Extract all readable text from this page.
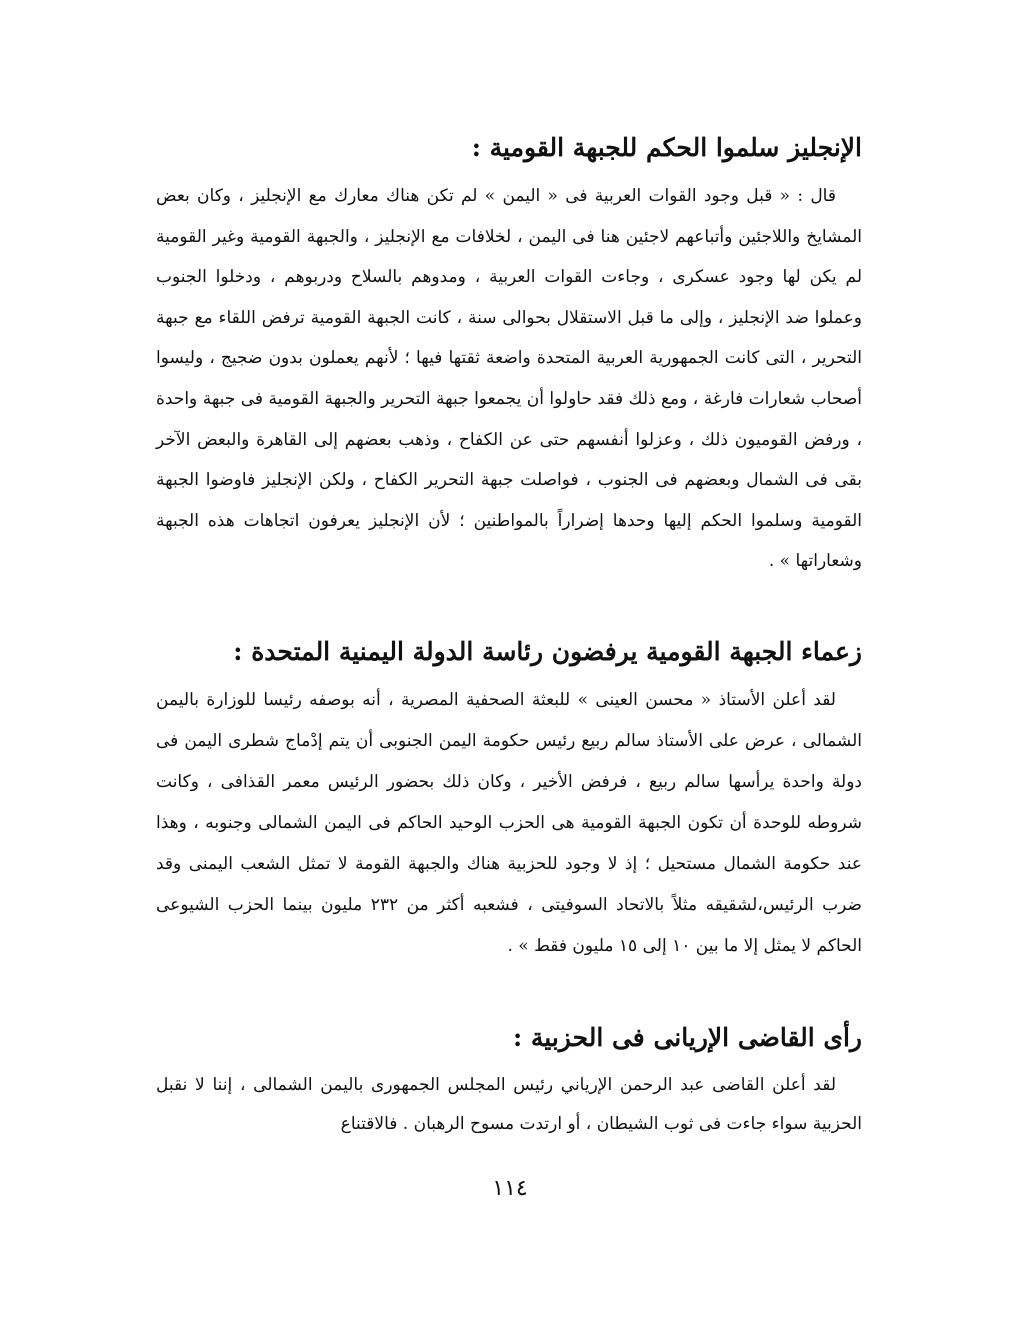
الإنجليز سلموا الحكم للجبهة القومية :

قال : « قبل وجود القوات العربية فى « اليمن » لم تكن هناك معارك مع الإنجليز ، وكان بعض المشايخ واللاجئين وأتباعهم لاجئين هنا فى اليمن ، لخلافات مع الإنجليز ، والجبهة القومية وغير القومية لم يكن لها وجود عسكرى ، وجاءت القوات العربية ، ومدوهم بالسلاح ودربوهم ، ودخلوا الجنوب وعملوا ضد الإنجليز ، وإلى ما قبل الاستقلال بحوالى سنة ، كانت الجبهة القومية ترفض اللقاء مع جبهة التحرير ، التى كانت الجمهورية العربية المتحدة واضعة ثقتها فيها ؛ لأنهم يعملون بدون ضجيج ، وليسوا أصحاب شعارات فارغة ، ومع ذلك فقد حاولوا أن يجمعوا جبهة التحرير والجبهة القومية فى جبهة واحدة ، ورفض القوميون ذلك ، وعزلوا أنفسهم حتى عن الكفاح ، وذهب بعضهم إلى القاهرة والبعض الآخر بقى فى الشمال وبعضهم فى الجنوب ، فواصلت جبهة التحرير الكفاح ، ولكن الإنجليز فاوضوا الجبهة القومية وسلموا الحكم إليها وحدها إضراراً بالمواطنين ؛ لأن الإنجليز يعرفون اتجاهات هذه الجبهة وشعاراتها » .

زعماء الجبهة القومية يرفضون رئاسة الدولة اليمنية المتحدة :

لقد أعلن الأستاذ « محسن العينى » للبعثة الصحفية المصرية ، أنه بوصفه رئيسا للوزارة باليمن الشمالى ، عرض على الأستاذ سالم ربيع رئيس حكومة اليمن الجنوبى أن يتم إدْماج شطرى اليمن فى دولة واحدة يرأسها سالم ربيع ، فرفض الأخير ، وكان ذلك بحضور الرئيس معمر القذافى ، وكانت شروطه للوحدة أن تكون الجبهة القومية هى الحزب الوحيد الحاكم فى اليمن الشمالى وجنوبه ، وهذا عند حكومة الشمال مستحيل ؛ إذ لا وجود للحزبية هناك والجبهة القومة لا تمثل الشعب اليمنى وقد ضرب الرئيس،لشقيقه مثلاً بالاتحاد السوفيتى ، فشعبه أكثر من ٢٣٢ مليون بينما الحزب الشيوعى الحاكم لا يمثل إلا ما بين ١٠ إلى ١٥ مليون فقط » .

رأى القاضى الإريانى فى الحزبية :

لقد أعلن القاضى عبد الرحمن الإرياني رئيس المجلس الجمهورى باليمن الشمالى ، إننا لا نقبل الحزبية سواء جاءت فى ثوب الشيطان ، أو ارتدت مسوح الرهبان . فالاقتناع

١١٤
